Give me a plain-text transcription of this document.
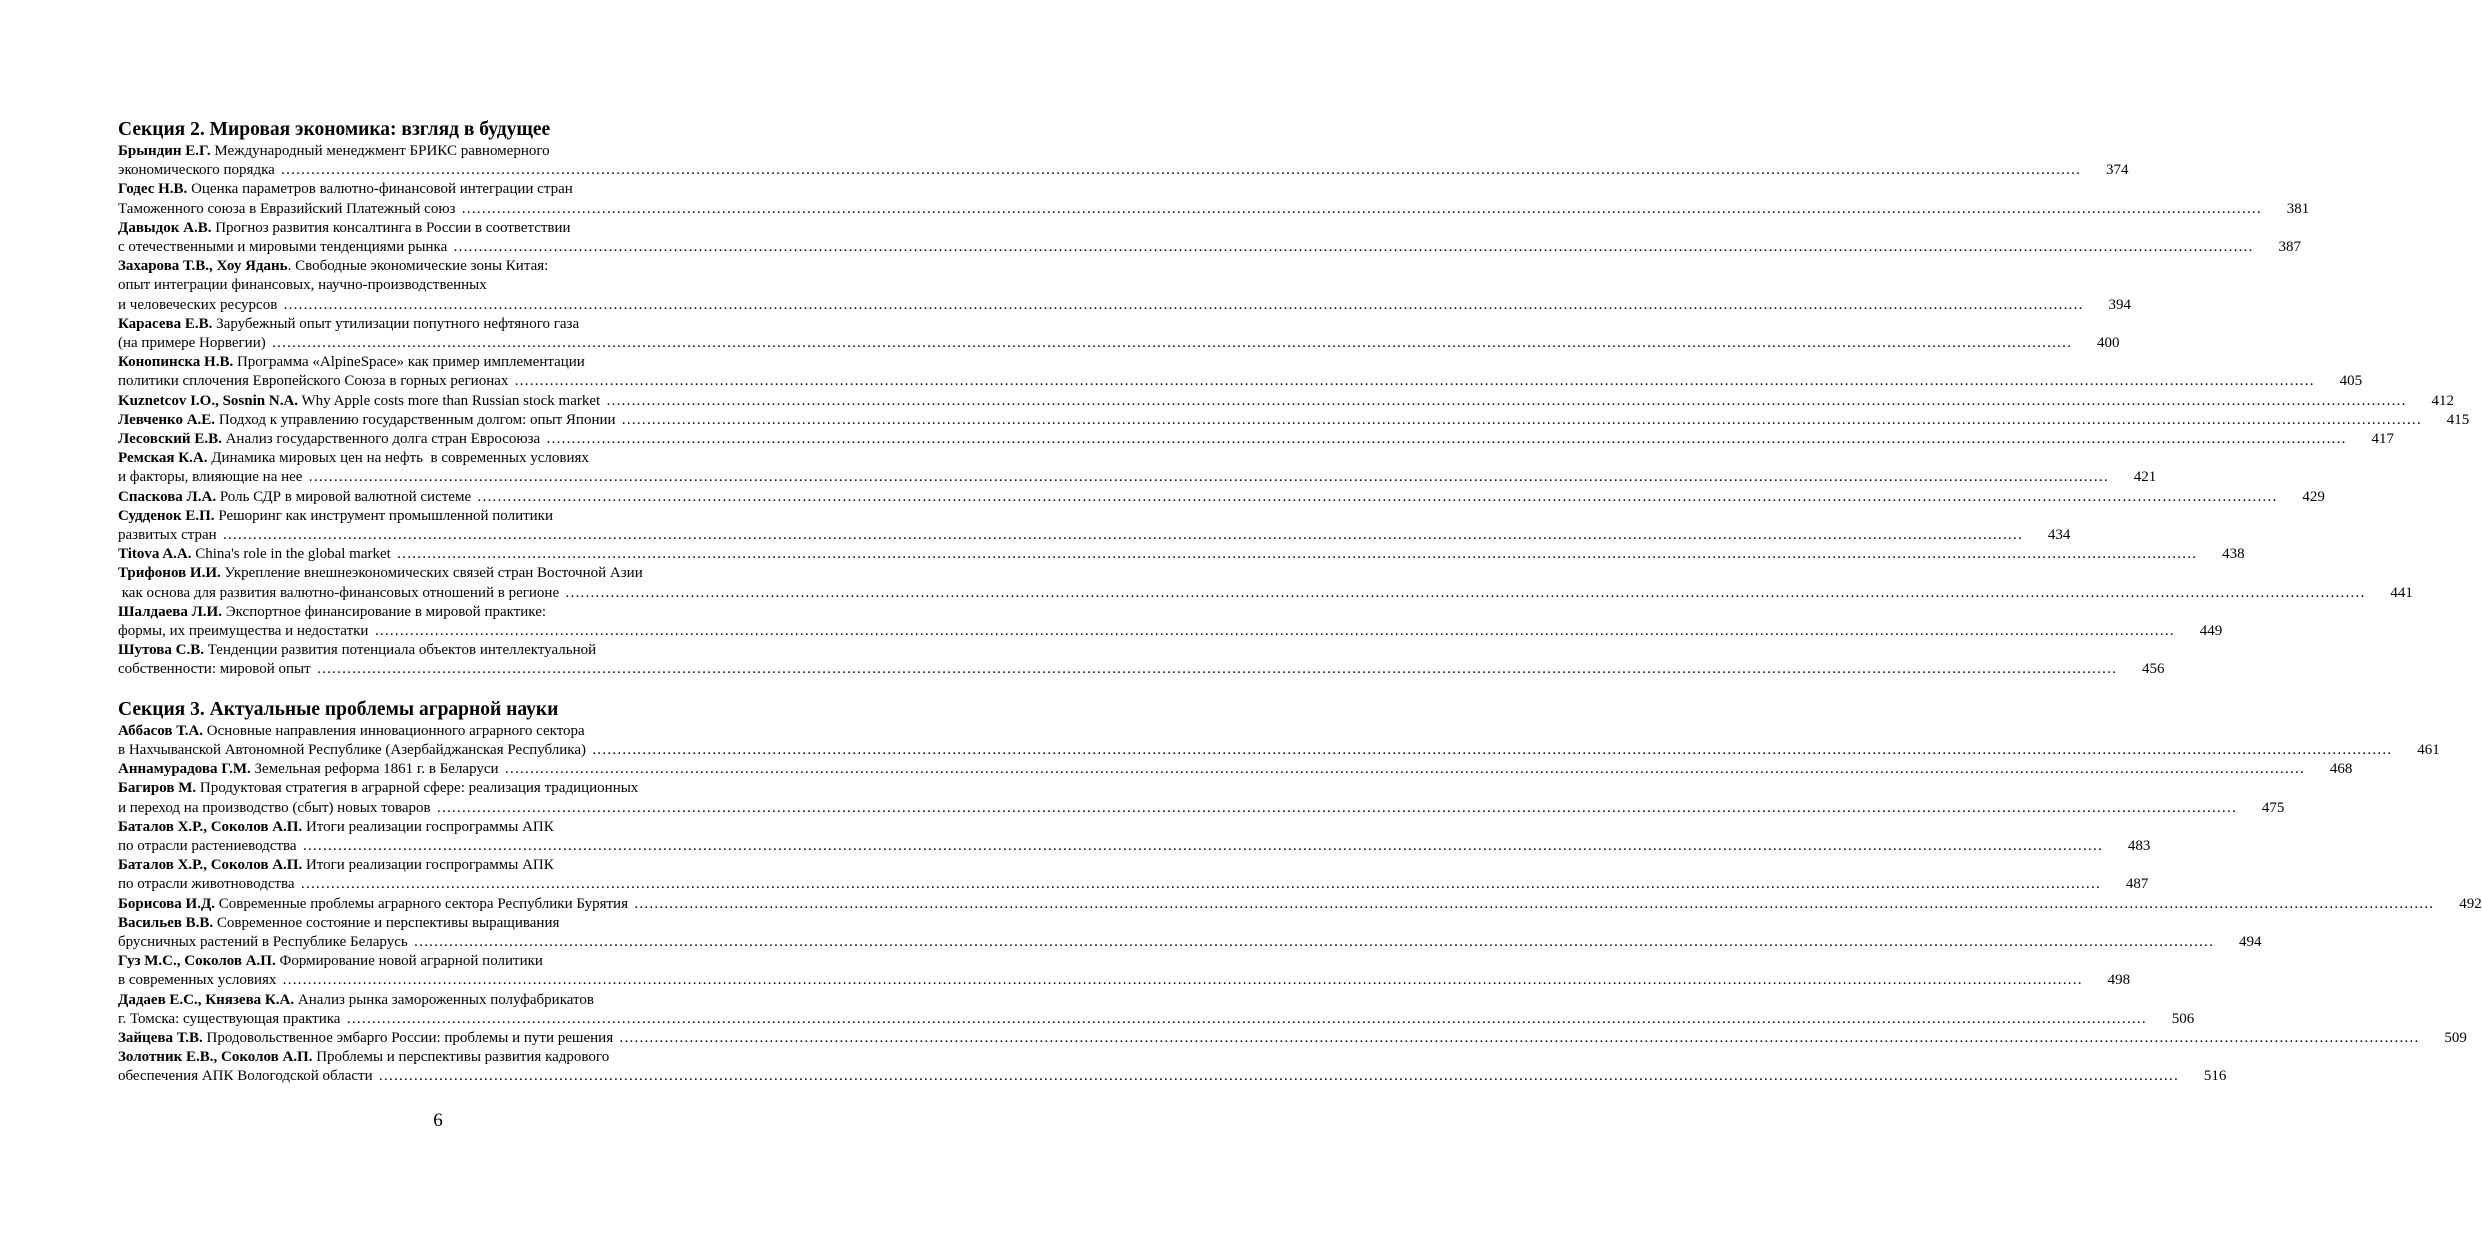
Секция 2. Мировая экономика: взгляд в будущее
Брындин Е.Г. Международный менеджмент БРИКС равномерного
экономического порядка ………………………………………………………………………………………………………………………………………………………………………………………………………………………………………………………………………………………………………………………………	374
Годес Н.В. Оценка параметров валютно-финансовой интеграции стран
Таможенного союза в Евразийский Платежный союз ………………………………………………………………………………………………………………………………………………………………………………………………………………………………………………………………………………………………………………………………	381
Давыдок А.В. Прогноз развития консалтинга в России в соответствии
с отечественными и мировыми тенденциями рынка ………………………………………………………………………………………………………………………………………………………………………………………………………………………………………………………………………………………………………………………………	387
Захарова Т.В., Хоу Ядань . Свободные экономические зоны Китая:
опыт интеграции финансовых, научно-производственных
и человеческих ресурсов ………………………………………………………………………………………………………………………………………………………………………………………………………………………………………………………………………………………………………………………………	394
Карасева Е.В. Зарубежный опыт утилизации попутного нефтяного газа
(на примере Норвегии) ………………………………………………………………………………………………………………………………………………………………………………………………………………………………………………………………………………………………………………………………	400
Конопинска Н.В. Программа «AlpineSpace» как пример имплементации
политики сплочения Европейского Союза в горных регионах ………………………………………………………………………………………………………………………………………………………………………………………………………………………………………………………………………………………………………………………………	405
Kuznetcov I.O., Sosnin N.A. Why Apple costs more than Russian stock market ………………………………………………………………………………………………………………………………………………………………………………………………………………………………………………………………………………………………………………………………	412
Левченко А.Е. Подход к управлению государственным долгом: опыт Японии ………………………………………………………………………………………………………………………………………………………………………………………………………………………………………………………………………………………………………………………………	415
Лесовский Е.В. Анализ государственного долга стран Евросоюза ………………………………………………………………………………………………………………………………………………………………………………………………………………………………………………………………………………………………………………………………	417
Ремская К.А. Динамика мировых цен на нефть  в современных условиях
и факторы, влияющие на нее ………………………………………………………………………………………………………………………………………………………………………………………………………………………………………………………………………………………………………………………………	421
Спаскова Л.А. Роль СДР в мировой валютной системе ………………………………………………………………………………………………………………………………………………………………………………………………………………………………………………………………………………………………………………………………	429
Судденок Е.П. Решоринг как инструмент промышленной политики
развитых стран ………………………………………………………………………………………………………………………………………………………………………………………………………………………………………………………………………………………………………………………………	434
Titova A.A. China's role in the global market ………………………………………………………………………………………………………………………………………………………………………………………………………………………………………………………………………………………………………………………………	438
Трифонов И.И. Укрепление внешнеэкономических связей стран Восточной Азии
как основа для развития валютно-финансовых отношений в регионе ………………………………………………………………………………………………………………………………………………………………………………………………………………………………………………………………………………………………………………………………	441
Шалдаева Л.И. Экспортное финансирование в мировой практике:
формы, их преимущества и недостатки ………………………………………………………………………………………………………………………………………………………………………………………………………………………………………………………………………………………………………………………………	449
Шутова С.В. Тенденции развития потенциала объектов интеллектуальной
собственности: мировой опыт ………………………………………………………………………………………………………………………………………………………………………………………………………………………………………………………………………………………………………………………………	456
Секция 3. Актуальные проблемы аграрной науки
Аббасов Т.А. Основные направления инновационного аграрного сектора
в Нахчыванской Автономной Республике (Азербайджанская Республика) ………………………………………………………………………………………………………………………………………………………………………………………………………………………………………………………………………………………………………………………………	461
Аннамурадова Г.М. Земельная реформа 1861 г. в Беларуси ………………………………………………………………………………………………………………………………………………………………………………………………………………………………………………………………………………………………………………………………	468
Багиров М. Продуктовая стратегия в аграрной сфере: реализация традиционных
и переход на производство (сбыт) новых товаров ………………………………………………………………………………………………………………………………………………………………………………………………………………………………………………………………………………………………………………………………	475
Баталов Х.Р., Соколов А.П. Итоги реализации госпрограммы АПК
по отрасли растениеводства ………………………………………………………………………………………………………………………………………………………………………………………………………………………………………………………………………………………………………………………………	483
Баталов Х.Р., Соколов А.П. Итоги реализации госпрограммы АПК
по отрасли животноводства ………………………………………………………………………………………………………………………………………………………………………………………………………………………………………………………………………………………………………………………………	487
Борисова И.Д. Современные проблемы аграрного сектора Республики Бурятия ………………………………………………………………………………………………………………………………………………………………………………………………………………………………………………………………………………………………………………………………	492
Васильев В.В. Современное состояние и перспективы выращивания
брусничных растений в Республике Беларусь ………………………………………………………………………………………………………………………………………………………………………………………………………………………………………………………………………………………………………………………………	494
Гуз М.С., Соколов А.П. Формирование новой аграрной политики
в современных условиях ………………………………………………………………………………………………………………………………………………………………………………………………………………………………………………………………………………………………………………………………	498
Дадаев Е.С., Князева К.А. Анализ рынка замороженных полуфабрикатов
г. Томска: существующая практика ………………………………………………………………………………………………………………………………………………………………………………………………………………………………………………………………………………………………………………………………	506
Зайцева Т.В. Продовольственное эмбарго России: проблемы и пути решения ………………………………………………………………………………………………………………………………………………………………………………………………………………………………………………………………………………………………………………………………	509
Золотник Е.В., Соколов А.П. Проблемы и перспективы развития кадрового
обеспечения АПК Вологодской области ………………………………………………………………………………………………………………………………………………………………………………………………………………………………………………………………………………………………………………………………	516
6
